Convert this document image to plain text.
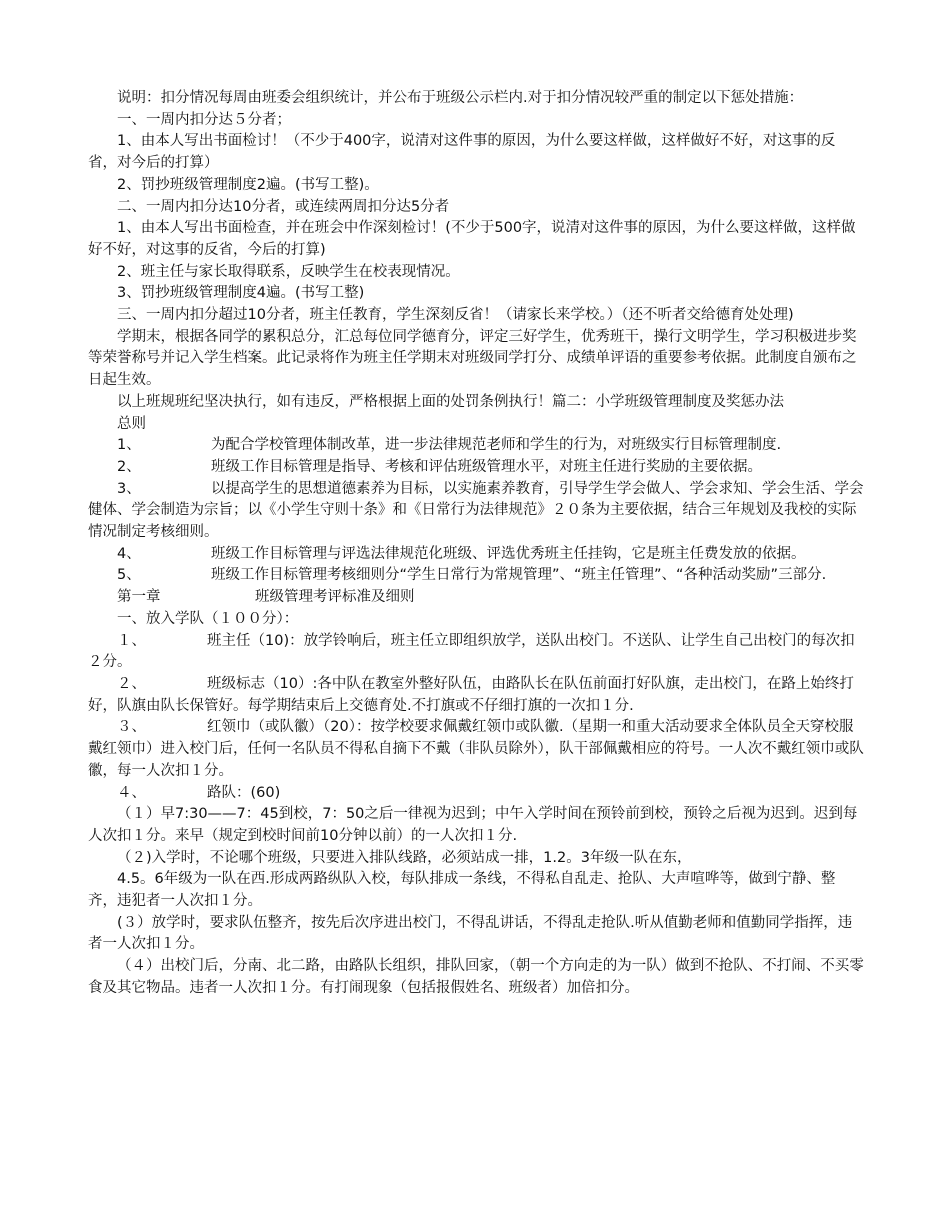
说明：扣分情况每周由班委会组织统计，并公布于班级公示栏内.对于扣分情况较严重的制定以下惩处措施：

一、一周内扣分达５分者；

1、由本人写出书面检讨！（不少于400字，说清对这件事的原因，为什么要这样做，这样做好不好，对这事的反省，对今后的打算）

2、罚抄班级管理制度2遍。(书写工整)。

二、一周内扣分达10分者，或连续两周扣分达5分者

1、由本人写出书面检查，并在班会中作深刻检讨！(不少于500字，说清对这件事的原因，为什么要这样做，这样做好不好，对这事的反省，今后的打算)

2、班主任与家长取得联系，反映学生在校表现情况。

3、罚抄班级管理制度4遍。(书写工整)

三、一周内扣分超过10分者，班主任教育，学生深刻反省！（请家长来学校。）（还不听者交给德育处处理)

学期末，根据各同学的累积总分，汇总每位同学德育分，评定三好学生，优秀班干，操行文明学生，学习积极进步奖等荣誉称号并记入学生档案。此记录将作为班主任学期末对班级同学打分、成绩单评语的重要参考依据。此制度自颁布之日起生效。

以上班规班纪坚决执行，如有违反，严格根据上面的处罚条例执行！篇二：小学班级管理制度及奖惩办法

总则

1、	为配合学校管理体制改革，进一步法律规范老师和学生的行为，对班级实行目标管理制度.

2、	班级工作目标管理是指导、考核和评估班级管理水平，对班主任进行奖励的主要依据。

3、	以提高学生的思想道德素养为目标，以实施素养教育，引导学生学会做人、学会求知、学会生活、学会健体、学会制造为宗旨；以《小学生守则十条》和《日常行为法律规范》２０条为主要依据，结合三年规划及我校的实际情况制定考核细则。

4、	班级工作目标管理与评选法律规范化班级、评选优秀班主任挂钩，它是班主任费发放的依据。

5、	班级工作目标管理考核细则分“学生日常行为常规管理”、“班主任管理”、“各种活动奖励”三部分.

第一章	班级管理考评标准及细则

一、放入学队（１００分）：

１、	班主任（10)：放学铃响后，班主任立即组织放学，送队出校门。不送队、让学生自己出校门的每次扣２分。

２、	班级标志（10）:各中队在教室外整好队伍，由路队长在队伍前面打好队旗，走出校门，在路上始终打好，队旗由队长保管好。每学期结束后上交德育处.不打旗或不仔细打旗的一次扣１分.

３、	红领巾（或队徽）（20）：按学校要求佩戴红领巾或队徽.（星期一和重大活动要求全体队员全天穿校服戴红领巾）进入校门后，任何一名队员不得私自摘下不戴（非队员除外），队干部佩戴相应的符号。一人次不戴红领巾或队徽，每一人次扣１分。

４、	路队：(60)

（１）早7:30——7：45到校，7：50之后一律视为迟到；中午入学时间在预铃前到校，预铃之后视为迟到。迟到每人次扣１分。来早（规定到校时间前10分钟以前）的一人次扣１分.

（２)入学时，不论哪个班级，只要进入排队线路，必须站成一排，1.2。3年级一队在东，

4.5。6年级为一队在西.形成两路纵队入校，每队排成一条线，不得私自乱走、抢队、大声喧哗等，做到宁静、整齐，违犯者一人次扣１分。

(３）放学时，要求队伍整齐，按先后次序进出校门，不得乱讲话，不得乱走抢队.听从值勤老师和值勤同学指挥，违者一人次扣１分。

（４）出校门后，分南、北二路，由路队长组织，排队回家，（朝一个方向走的为一队）做到不抢队、不打闹、不买零食及其它物品。违者一人次扣１分。有打闹现象（包括报假姓名、班级者）加倍扣分。
